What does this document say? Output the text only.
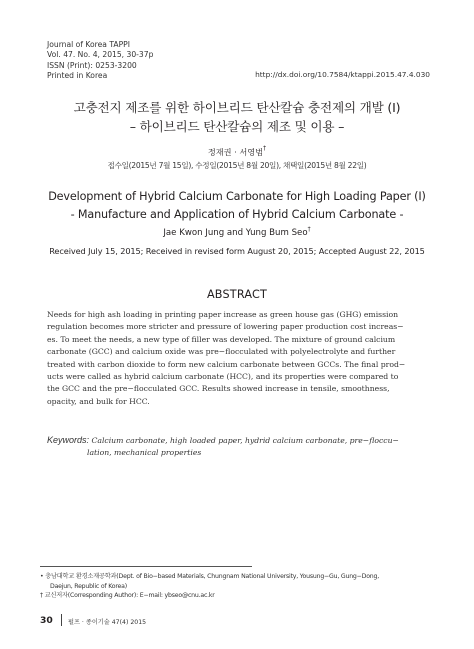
Journal of Korea TAPPI
Vol. 47. No. 4, 2015, 30-37p
ISSN (Print): 0253-3200
Printed in Korea	http://dx.doi.org/10.7584/ktappi.2015.47.4.030
고충전지 제조를 위한 하이브리드 탄산칼슘 충전제의 개발 (I)
– 하이브리드 탄산칼슘의 제조 및 이용 –
정재권 · 서영범†
접수일(2015년 7월 15일), 수정일(2015년 8월 20일), 채택일(2015년 8월 22일)
Development of Hybrid Calcium Carbonate for High Loading Paper (I)
- Manufacture and Application of Hybrid Calcium Carbonate -
Jae Kwon Jung and Yung Bum Seo†
Received July 15, 2015; Received in revised form August 20, 2015; Accepted August 22, 2015
ABSTRACT
Needs for high ash loading in printing paper increase as green house gas (GHG) emission
regulation becomes more stricter and pressure of lowering paper production cost increas−
es. To meet the needs, a new type of filler was developed. The mixture of ground calcium
carbonate (GCC) and calcium oxide was pre−flocculated with polyelectrolyte and further
treated with carbon dioxide to form new calcium carbonate between GCCs. The final prod−
ucts were called as hybrid calcium carbonate (HCC), and its properties were compared to
the GCC and the pre−flocculated GCC. Results showed increase in tensile, smoothness,
opacity, and bulk for HCC.
Keywords: Calcium carbonate, high loaded paper, hydrid calcium carbonate, pre−floccu−
lation, mechanical properties
• 충남대학교 환경소재공학과(Dept. of Bio−based Materials, Chungnam National University, Yousung−Gu, Gung−Dong,
Daejun, Republic of Korea)
† 교신저자(Corresponding Author): E−mail: ybseo@cnu.ac.kr
30 펄프 · 종이기술 47(4) 2015
